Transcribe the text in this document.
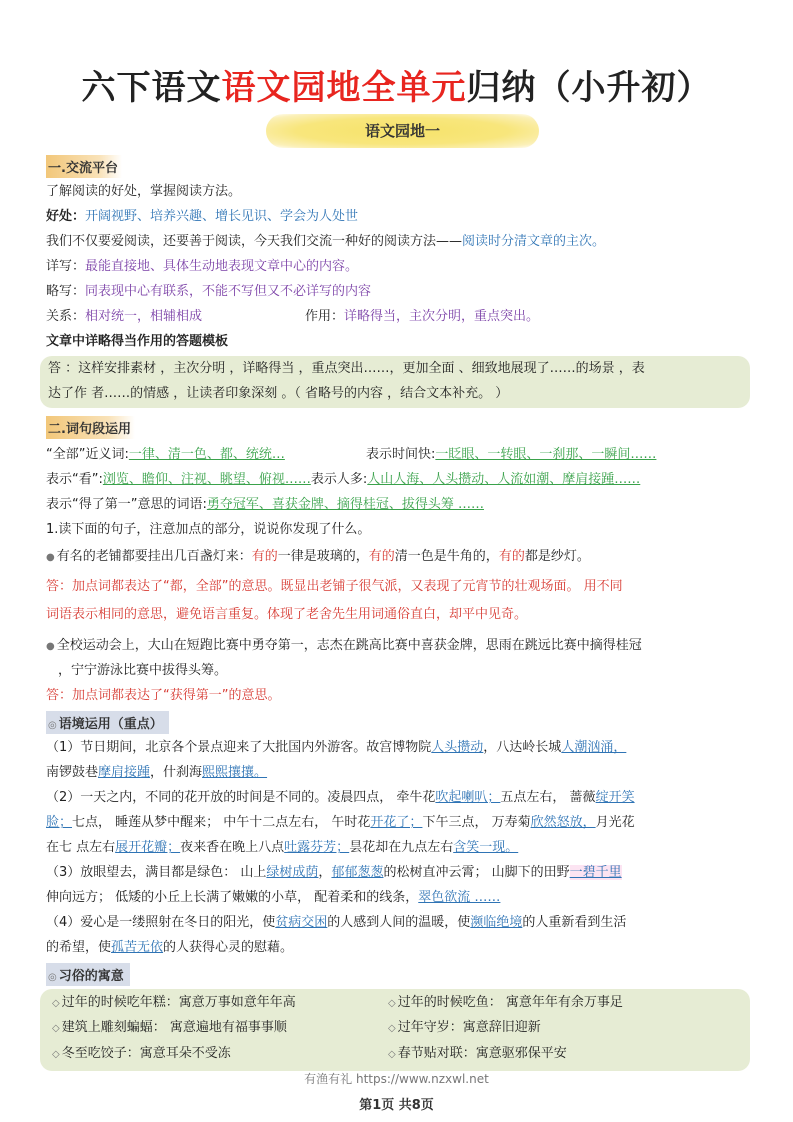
六下语文语文园地全单元归纳（小升初）
语文园地一
一.交流平台
了解阅读的好处，掌握阅读方法。
好处：开阔视野、培养兴趣、增长见识、学会为人处世
我们不仅要爱阅读，还要善于阅读，今天我们交流一种好的阅读方法——阅读时分清文章的主次。
详写：最能直接地、具体生动地表现文章中心的内容。
略写：同表现中心有联系，不能不写但又不必详写的内容
关系：相对统一，相辅相成	作用：详略得当，主次分明，重点突出。
文章中详略得当作用的答题模板
答 ：这样安排素材 ，主次分明 ，详略得当 ，重点突出……，更加全面 、细致地展现了……的场景 ，表
达了作 者……的情感 ，让读者印象深刻 。（ 省略号的内容 ，结合文本补充。 ）
二.词句段运用
“全部”近义词:一律、清一色、都、统统…	表示时间快:一眨眼、一转眼、一刹那、一瞬间……
表示“看”:浏览、瞻仰、注视、眺望、俯视……表示人多:人山人海、人头攒动、人流如潮、摩肩接踵……
表示“得了第一”意思的词语:勇夺冠军、喜获金牌、摘得桂冠、拔得头筹 ……
1.读下面的句子，注意加点的部分，说说你发现了什么。
● 有名的老铺都要挂出几百盏灯来：有的一律是玻璃的，有的清一色是牛角的，有的都是纱灯。
答：加点词都表达了“都，全部”的意思。既显出老铺子很气派，又表现了元宵节的壮观场面。 用不同
词语表示相同的意思，避免语言重复。体现了老舍先生用词通俗直白，却平中见奇。
● 全校运动会上，大山在短跑比赛中勇夺第一，志杰在跳高比赛中喜获金牌，思雨在跳远比赛中摘得桂冠
，宁宁游泳比赛中拔得头筹。
答：加点词都表达了“获得第一”的意思。
◎ 语境运用（重点）
（1）节日期间，北京各个景点迎来了大批国内外游客。故宫博物院人头攒动，八达岭长城人潮汹涌，
南锣鼓巷摩肩接踵，什刹海熙熙攘攘。
（2）一天之内，不同的花开放的时间是不同的。凌晨四点， 牵牛花吹起喇叭；五点左右， 蔷薇绽开笑
脸；七点， 睡莲从梦中醒来； 中午十二点左右， 午时花开花了；下午三点， 万寿菊欣然怒放，月光花
在七 点左右展开花瓣；夜来香在晚上八点吐露芬芳；昙花却在九点左右含笑一现。
（3）放眼望去，满目都是绿色： 山上绿树成荫，郁郁葱葱的松树直冲云霄； 山脚下的田野一碧千里
伸向远方； 低矮的小丘上长满了嫩嫩的小草， 配着柔和的线条，翠色欲流 ……
（4）爱心是一缕照射在冬日的阳光，使贫病交困的人感到人间的温暖，使濒临绝境的人重新看到生活
的希望，使孤苦无依的人获得心灵的慰藉。
◎ 习俗的寓意
◇ 过年的时候吃年糕：寓意万事如意年年高	◇ 过年的时候吃鱼： 寓意年年有余万事足
◇ 建筑上雕刻蝙蝠： 寓意遍地有福事事顺	◇ 过年守岁：寓意辞旧迎新
◇ 冬至吃饺子：寓意耳朵不受冻	◇ 春节贴对联：寓意驱邪保平安
有渔有礼 https://www.nzxwl.net
第1页 共8页
